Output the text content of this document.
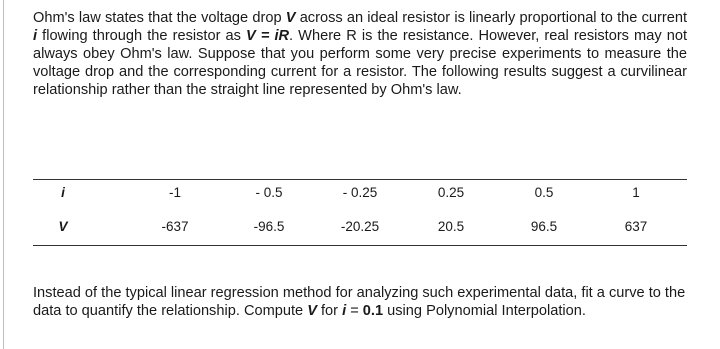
Ohm's law states that the voltage drop V across an ideal resistor is linearly proportional to the current i flowing through the resistor as V = iR. Where R is the resistance. However, real resistors may not always obey Ohm's law. Suppose that you perform some very precise experiments to measure the voltage drop and the corresponding current for a resistor. The following results suggest a curvilinear relationship rather than the straight line represented by Ohm's law.

i	-1	- 0.5	- 0.25	0.25	0.5	1
V	-637	-96.5	-20.25	20.5	96.5	637

Instead of the typical linear regression method for analyzing such experimental data, fit a curve to the data to quantify the relationship. Compute V for i = 0.1 using Polynomial Interpolation.
